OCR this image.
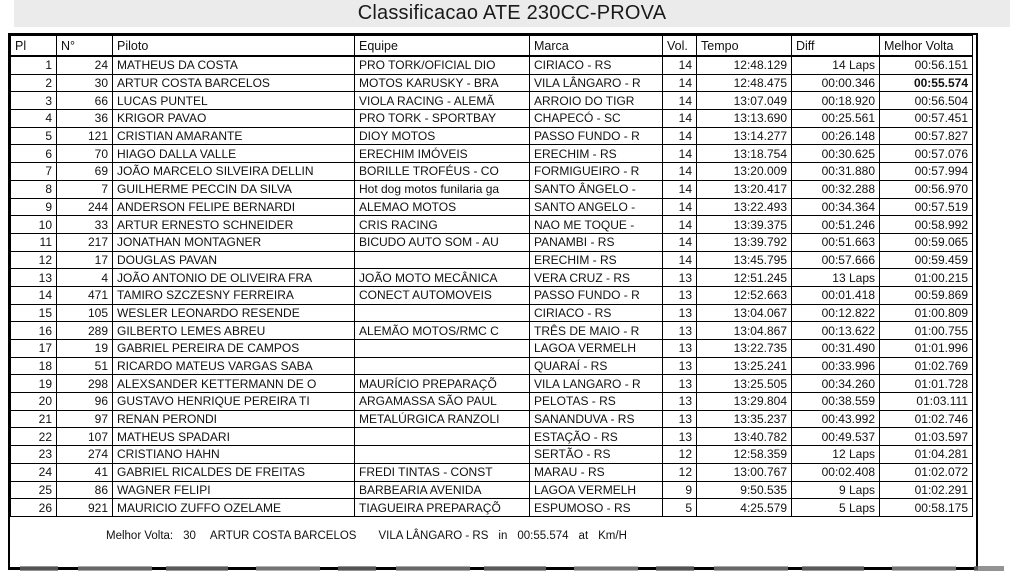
Classificacao ATE 230CC-PROVA
Pl	N°	Piloto	Equipe	Marca	Vol.	Tempo	Diff	Melhor Volta
1	24	MATHEUS DA COSTA	PRO TORK/OFICIAL DIO	CIRIACO - RS	14	12:48.129	14 Laps	00:56.151
2	30	ARTUR COSTA BARCELOS	MOTOS KARUSKY - BRA	VILA LÂNGARO - R	14	12:48.475	00:00.346	00:55.574
3	66	LUCAS PUNTEL	VIOLA RACING - ALEMÃ	ARROIO DO TIGR	14	13:07.049	00:18.920	00:56.504
4	36	KRIGOR PAVAO	PRO TORK - SPORTBAY	CHAPECÓ - SC	14	13:13.690	00:25.561	00:57.451
5	121	CRISTIAN AMARANTE	DIOY MOTOS	PASSO FUNDO - R	14	13:14.277	00:26.148	00:57.827
6	70	HIAGO DALLA VALLE	ERECHIM IMÓVEIS	ERECHIM - RS	14	13:18.754	00:30.625	00:57.076
7	69	JOÃO MARCELO SILVEIRA DELLIN	BORILLE TROFÉUS - CO	FORMIGUEIRO - R	14	13:20.009	00:31.880	00:57.994
8	7	GUILHERME PECCIN DA SILVA	Hot dog motos funilaria ga	SANTO ÂNGELO -	14	13:20.417	00:32.288	00:56.970
9	244	ANDERSON FELIPE BERNARDI	ALEMAO MOTOS	SANTO ANGELO -	14	13:22.493	00:34.364	00:57.519
10	33	ARTUR ERNESTO SCHNEIDER	CRIS RACING	NAO ME TOQUE -	14	13:39.375	00:51.246	00:58.992
11	217	JONATHAN MONTAGNER	BICUDO AUTO SOM - AU	PANAMBI - RS	14	13:39.792	00:51.663	00:59.065
12	17	DOUGLAS PAVAN		ERECHIM - RS	14	13:45.795	00:57.666	00:59.459
13	4	JOÃO ANTONIO DE OLIVEIRA FRA	JOÃO MOTO MECÂNICA	VERA CRUZ - RS	13	12:51.245	13 Laps	01:00.215
14	471	TAMIRO SZCZESNY FERREIRA	CONECT AUTOMOVEIS	PASSO FUNDO - R	13	12:52.663	00:01.418	00:59.869
15	105	WESLER LEONARDO RESENDE		CIRIACO - RS	13	13:04.067	00:12.822	01:00.809
16	289	GILBERTO LEMES ABREU	ALEMÃO MOTOS/RMC C	TRÊS DE MAIO - R	13	13:04.867	00:13.622	01:00.755
17	19	GABRIEL PEREIRA DE CAMPOS		LAGOA VERMELH	13	13:22.735	00:31.490	01:01.996
18	51	RICARDO MATEUS VARGAS SABA		QUARAÍ - RS	13	13:25.241	00:33.996	01:02.769
19	298	ALEXSANDER KETTERMANN DE O	MAURÍCIO PREPARAÇÕ	VILA LANGARO - R	13	13:25.505	00:34.260	01:01.728
20	96	GUSTAVO HENRIQUE PEREIRA TI	ARGAMASSA SÃO PAUL	PELOTAS - RS	13	13:29.804	00:38.559	01:03.111
21	97	RENAN PERONDI	METALÚRGICA RANZOLI	SANANDUVA - RS	13	13:35.237	00:43.992	01:02.746
22	107	MATHEUS SPADARI		ESTAÇÃO - RS	13	13:40.782	00:49.537	01:03.597
23	274	CRISTIANO HAHN		SERTÃO - RS	12	12:58.359	12 Laps	01:04.281
24	41	GABRIEL RICALDES DE FREITAS	FREDI TINTAS - CONST	MARAU - RS	12	13:00.767	00:02.408	01:02.072
25	86	WAGNER FELIPI	BARBEARIA AVENIDA	LAGOA VERMELH	9	9:50.535	9 Laps	01:02.291
26	921	MAURICIO ZUFFO OZELAME	TIAGUEIRA PREPARAÇÕ	ESPUMOSO - RS	5	4:25.579	5 Laps	00:58.175
Melhor Volta: 30 ARTUR COSTA BARCELOS VILA LÂNGARO - RS in 00:55.574 at Km/H
